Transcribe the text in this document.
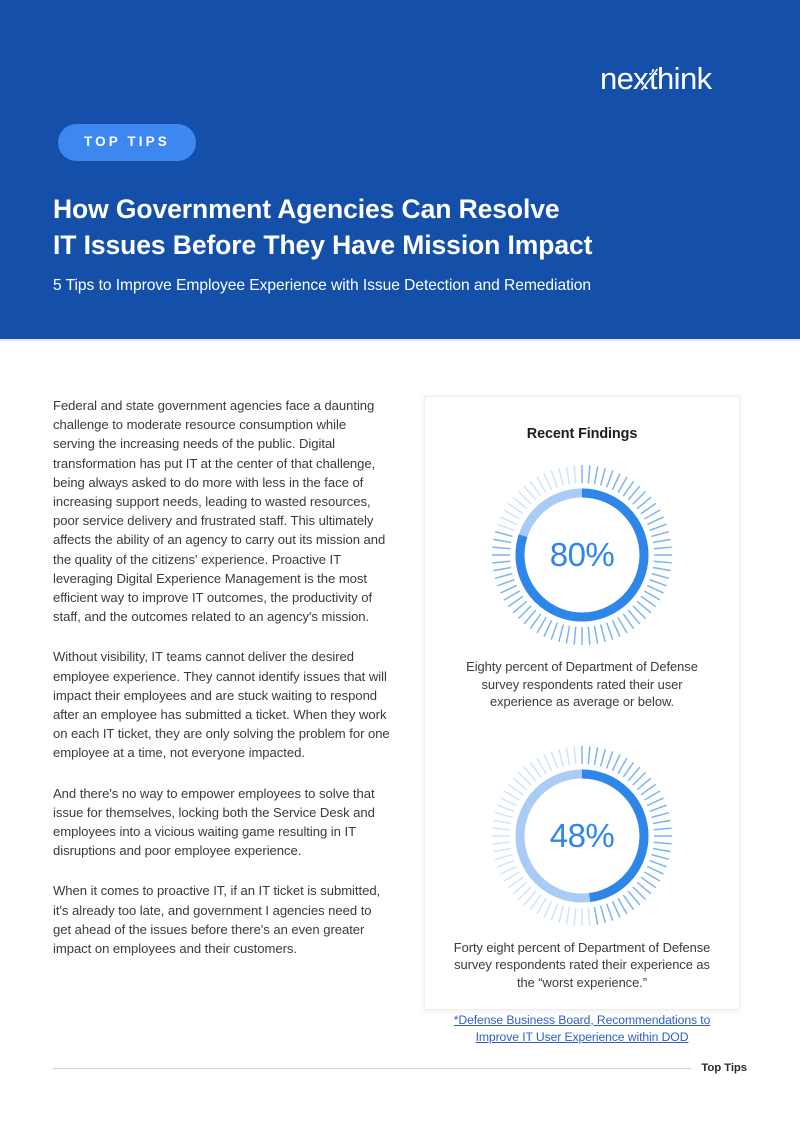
ne x think
TOP TIPS
How Government Agencies Can Resolve
IT Issues Before They Have Mission Impact
5 Tips to Improve Employee Experience with Issue Detection and Remediation

Federal and state government agencies face a daunting challenge to moderate resource consumption while serving the increasing needs of the public. Digital transformation has put IT at the center of that challenge, being always asked to do more with less in the face of increasing support needs, leading to wasted resources, poor service delivery and frustrated staff. This ultimately affects the ability of an agency to carry out its mission and the quality of the citizens' experience. Proactive IT leveraging Digital Experience Management is the most efficient way to improve IT outcomes, the productivity of staff, and the outcomes related to an agency's mission.

Without visibility, IT teams cannot deliver the desired employee experience. They cannot identify issues that will impact their employees and are stuck waiting to respond after an employee has submitted a ticket. When they work on each IT ticket, they are only solving the problem for one employee at a time, not everyone impacted.

And there's no way to empower employees to solve that issue for themselves, locking both the Service Desk and employees into a vicious waiting game resulting in IT disruptions and poor employee experience.

When it comes to proactive IT, if an IT ticket is submitted, it's already too late, and government I agencies need to get ahead of the issues before there's an even greater impact on employees and their customers.

Recent Findings
80%
Eighty percent of Department of Defense survey respondents rated their user experience as average or below.
48%
Forty eight percent of Department of Defense survey respondents rated their experience as the “worst experience.”
*Defense Business Board, Recommendations to Improve IT User Experience within DOD
Top Tips
